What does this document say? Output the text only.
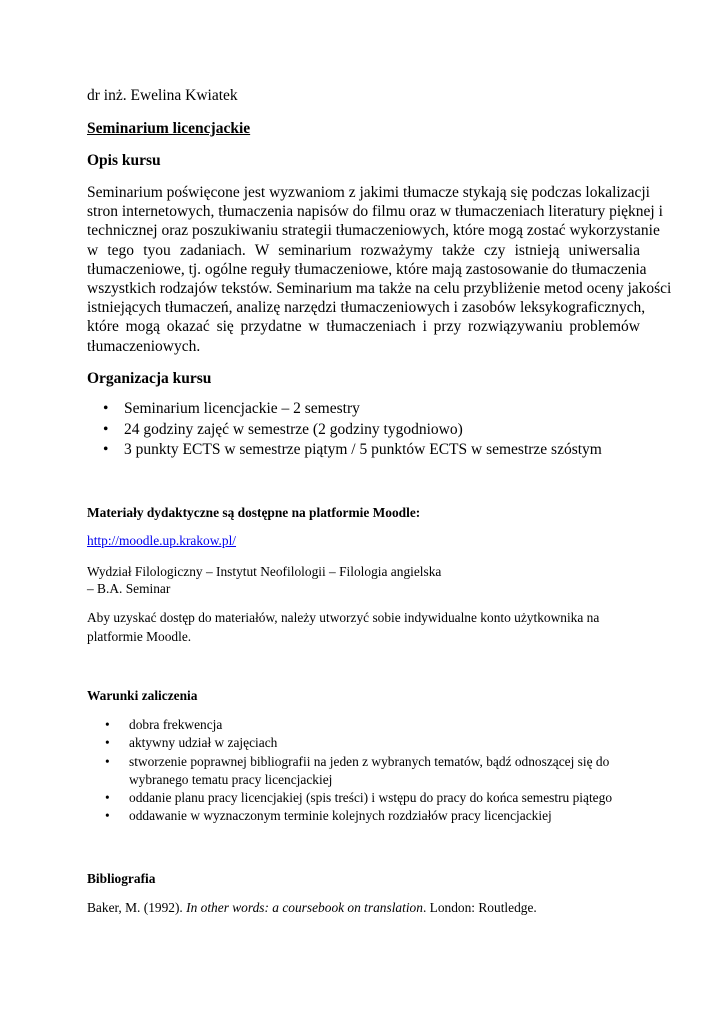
dr inż. Ewelina Kwiatek

Seminarium licencjackie

Opis kursu

Seminarium poświęcone jest wyzwaniom z jakimi tłumacze stykają się podczas lokalizacji
stron internetowych, tłumaczenia napisów do filmu oraz w tłumaczeniach literatury pięknej i
technicznej oraz poszukiwaniu strategii tłumaczeniowych, które mogą zostać wykorzystanie
w tego tyou zadaniach. W seminarium rozważymy także czy istnieją uniwersalia
tłumaczeniowe, tj. ogólne reguły tłumaczeniowe, które mają zastosowanie do tłumaczenia
wszystkich rodzajów tekstów. Seminarium ma także na celu przybliżenie metod oceny jakości
istniejących tłumaczeń, analizę narzędzi tłumaczeniowych i zasobów leksykograficznych,
które mogą okazać się przydatne w tłumaczeniach i przy rozwiązywaniu problemów
tłumaczeniowych.

Organizacja kursu

• Seminarium licencjackie – 2 semestry
• 24 godziny zajęć w semestrze (2 godziny tygodniowo)
• 3 punkty ECTS w semestrze piątym / 5 punktów ECTS w semestrze szóstym

Materiały dydaktyczne są dostępne na platformie Moodle:

http://moodle.up.krakow.pl/
Wydział Filologiczny – Instytut Neofilologii – Filologia angielska
– B.A. Seminar
Aby uzyskać dostęp do materiałów, należy utworzyć sobie indywidualne konto użytkownika na
platformie Moodle.

Warunki zaliczenia

• dobra frekwencja
• aktywny udział w zajęciach
• stworzenie poprawnej bibliografii na jeden z wybranych tematów, bądź odnoszącej się do wybranego tematu pracy licencjackiej
• oddanie planu pracy licencjakiej (spis treści) i wstępu do pracy do końca semestru piątego
• oddawanie w wyznaczonym terminie kolejnych rozdziałów pracy licencjackiej

Bibliografia

Baker, M. (1992). In other words: a coursebook on translation. London: Routledge.
